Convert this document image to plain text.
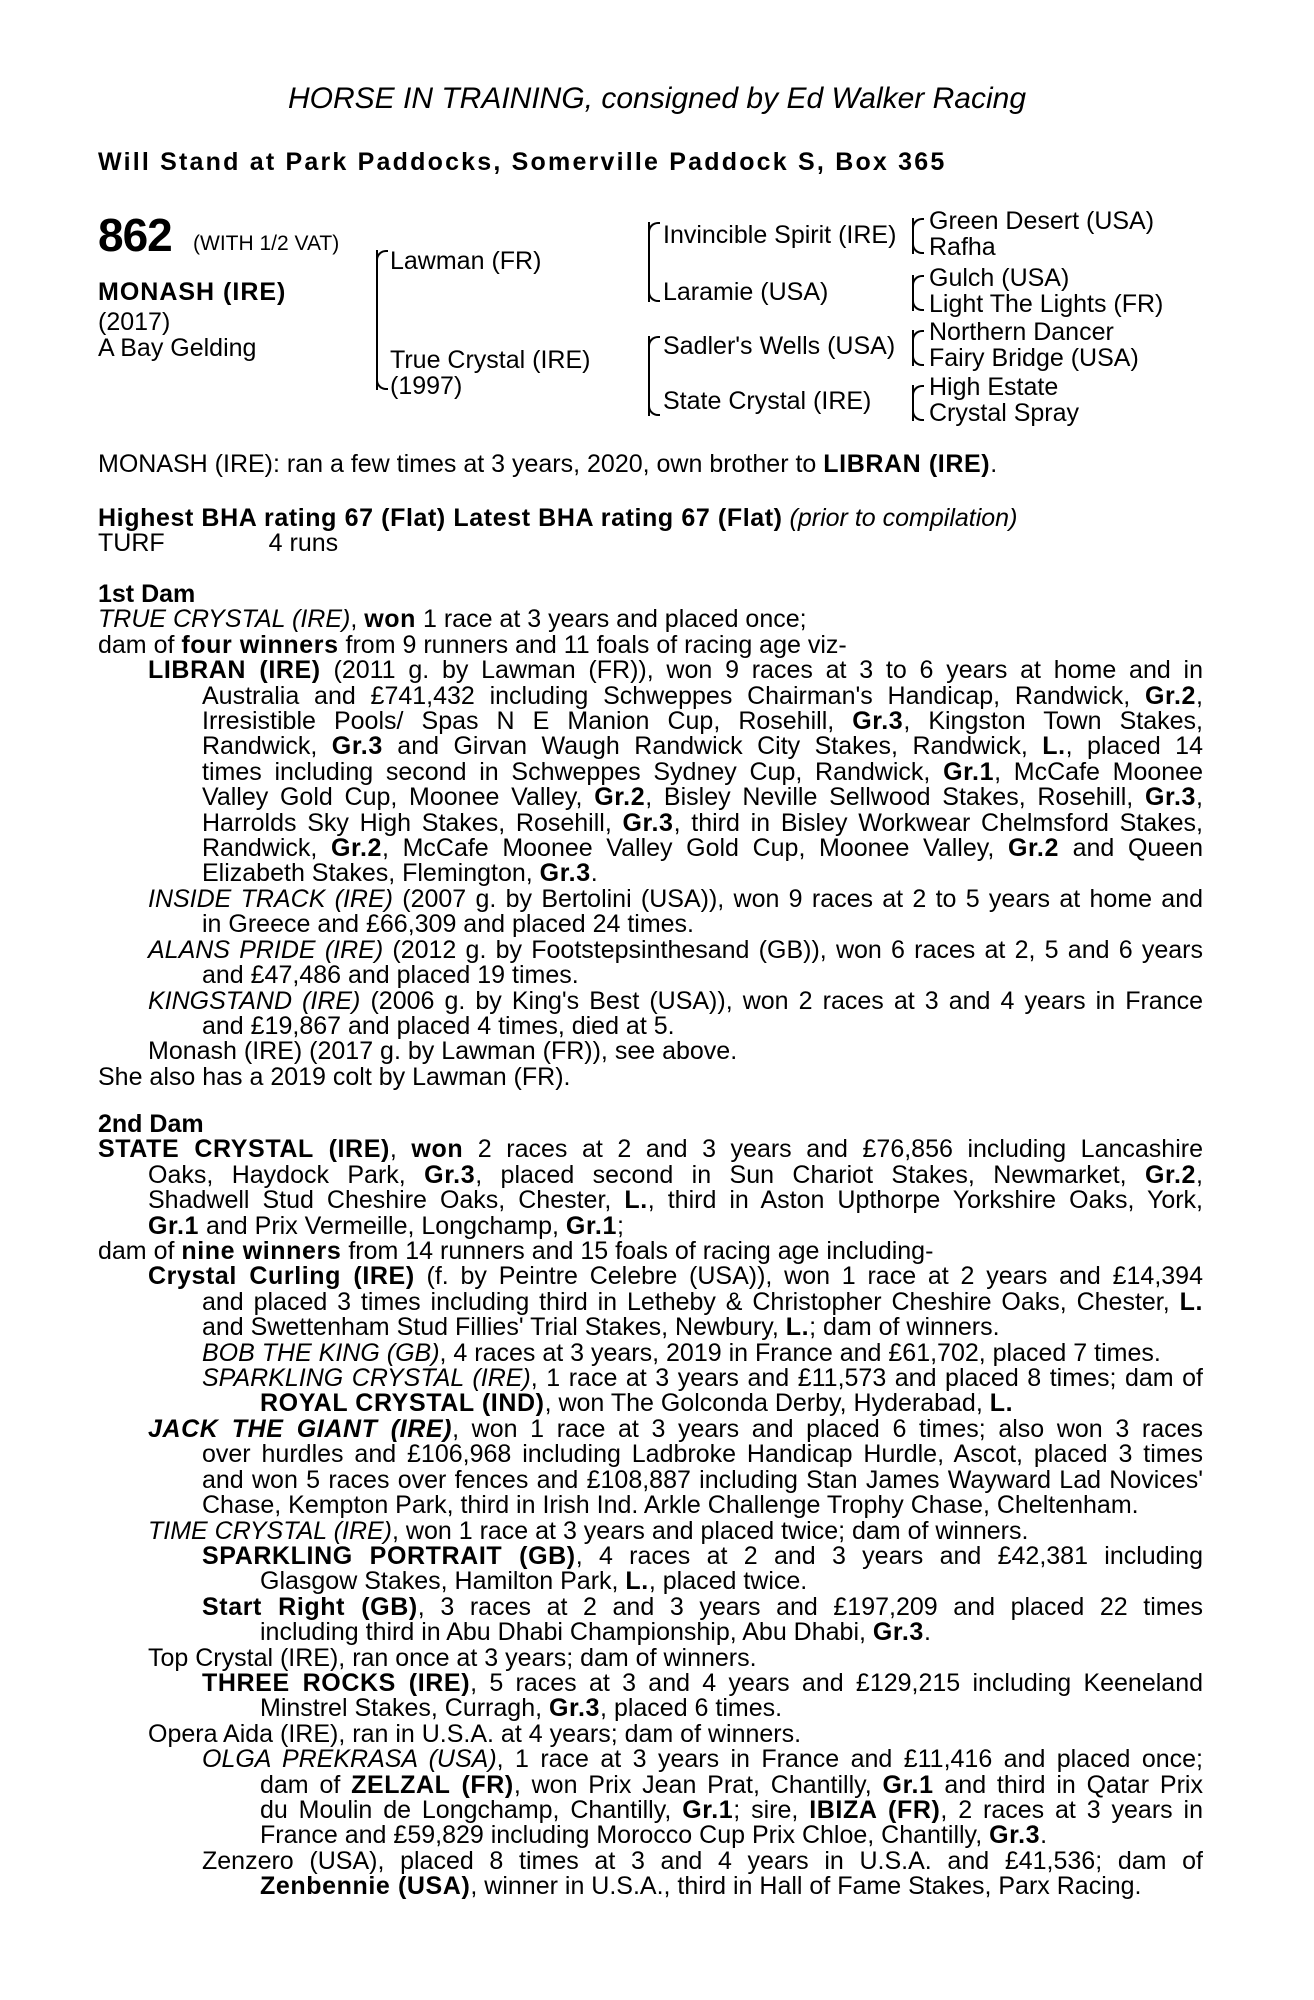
HORSE IN TRAINING, consigned by Ed Walker Racing
Will Stand at Park Paddocks, Somerville Paddock S, Box 365
862 (WITH 1/2 VAT)
MONASH (IRE)
(2017)
A Bay Gelding
Lawman (FR)
True Crystal (IRE)
(1997)
Invincible Spirit (IRE)
Laramie (USA)
Sadler's Wells (USA)
State Crystal (IRE)
Green Desert (USA)
Rafha
Gulch (USA)
Light The Lights (FR)
Northern Dancer
Fairy Bridge (USA)
High Estate
Crystal Spray
MONASH (IRE): ran a few times at 3 years, 2020, own brother to LIBRAN (IRE).
Highest BHA rating 67 (Flat) Latest BHA rating 67 (Flat) (prior to compilation)
TURF	4 runs
1st Dam
TRUE CRYSTAL (IRE), won 1 race at 3 years and placed once;
dam of four winners from 9 runners and 11 foals of racing age viz-
LIBRAN (IRE) (2011 g. by Lawman (FR)), won 9 races at 3 to 6 years at home and in
Australia and £741,432 including Schweppes Chairman's Handicap, Randwick, Gr.2,
Irresistible Pools/ Spas N E Manion Cup, Rosehill, Gr.3, Kingston Town Stakes,
Randwick, Gr.3 and Girvan Waugh Randwick City Stakes, Randwick, L., placed 14
times including second in Schweppes Sydney Cup, Randwick, Gr.1, McCafe Moonee
Valley Gold Cup, Moonee Valley, Gr.2, Bisley Neville Sellwood Stakes, Rosehill, Gr.3,
Harrolds Sky High Stakes, Rosehill, Gr.3, third in Bisley Workwear Chelmsford Stakes,
Randwick, Gr.2, McCafe Moonee Valley Gold Cup, Moonee Valley, Gr.2 and Queen
Elizabeth Stakes, Flemington, Gr.3.
INSIDE TRACK (IRE) (2007 g. by Bertolini (USA)), won 9 races at 2 to 5 years at home and
in Greece and £66,309 and placed 24 times.
ALANS PRIDE (IRE) (2012 g. by Footstepsinthesand (GB)), won 6 races at 2, 5 and 6 years
and £47,486 and placed 19 times.
KINGSTAND (IRE) (2006 g. by King's Best (USA)), won 2 races at 3 and 4 years in France
and £19,867 and placed 4 times, died at 5.
Monash (IRE) (2017 g. by Lawman (FR)), see above.
She also has a 2019 colt by Lawman (FR).
2nd Dam
STATE CRYSTAL (IRE), won 2 races at 2 and 3 years and £76,856 including Lancashire
Oaks, Haydock Park, Gr.3, placed second in Sun Chariot Stakes, Newmarket, Gr.2,
Shadwell Stud Cheshire Oaks, Chester, L., third in Aston Upthorpe Yorkshire Oaks, York,
Gr.1 and Prix Vermeille, Longchamp, Gr.1;
dam of nine winners from 14 runners and 15 foals of racing age including-
Crystal Curling (IRE) (f. by Peintre Celebre (USA)), won 1 race at 2 years and £14,394
and placed 3 times including third in Letheby & Christopher Cheshire Oaks, Chester, L.
and Swettenham Stud Fillies' Trial Stakes, Newbury, L.; dam of winners.
BOB THE KING (GB), 4 races at 3 years, 2019 in France and £61,702, placed 7 times.
SPARKLING CRYSTAL (IRE), 1 race at 3 years and £11,573 and placed 8 times; dam of
ROYAL CRYSTAL (IND), won The Golconda Derby, Hyderabad, L.
JACK THE GIANT (IRE), won 1 race at 3 years and placed 6 times; also won 3 races
over hurdles and £106,968 including Ladbroke Handicap Hurdle, Ascot, placed 3 times
and won 5 races over fences and £108,887 including Stan James Wayward Lad Novices'
Chase, Kempton Park, third in Irish Ind. Arkle Challenge Trophy Chase, Cheltenham.
TIME CRYSTAL (IRE), won 1 race at 3 years and placed twice; dam of winners.
SPARKLING PORTRAIT (GB), 4 races at 2 and 3 years and £42,381 including
Glasgow Stakes, Hamilton Park, L., placed twice.
Start Right (GB), 3 races at 2 and 3 years and £197,209 and placed 22 times
including third in Abu Dhabi Championship, Abu Dhabi, Gr.3.
Top Crystal (IRE), ran once at 3 years; dam of winners.
THREE ROCKS (IRE), 5 races at 3 and 4 years and £129,215 including Keeneland
Minstrel Stakes, Curragh, Gr.3, placed 6 times.
Opera Aida (IRE), ran in U.S.A. at 4 years; dam of winners.
OLGA PREKRASA (USA), 1 race at 3 years in France and £11,416 and placed once;
dam of ZELZAL (FR), won Prix Jean Prat, Chantilly, Gr.1 and third in Qatar Prix
du Moulin de Longchamp, Chantilly, Gr.1; sire, IBIZA (FR), 2 races at 3 years in
France and £59,829 including Morocco Cup Prix Chloe, Chantilly, Gr.3.
Zenzero (USA), placed 8 times at 3 and 4 years in U.S.A. and £41,536; dam of
Zenbennie (USA), winner in U.S.A., third in Hall of Fame Stakes, Parx Racing.
